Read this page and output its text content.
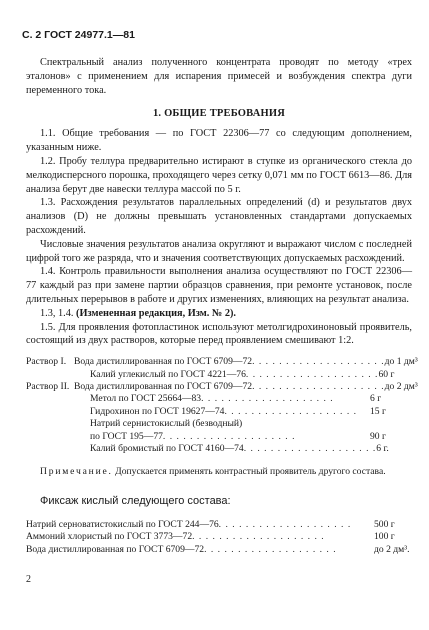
С. 2 ГОСТ 24977.1—81

Спектральный анализ полученного концентрата проводят по методу «трех эталонов» с применением для испарения примесей и возбуждения спектра дуги переменного тока.

1. ОБЩИЕ ТРЕБОВАНИЯ

1.1. Общие требования — по ГОСТ 22306—77 со следующим дополнением, указанным ниже.

1.2. Пробу теллура предварительно истирают в ступке из органического стекла до мелкодисперсного порошка, проходящего через сетку 0,071 мм по ГОСТ 6613—86. Для анализа берут две навески теллура массой по 5 г.

1.3. Расхождения результатов параллельных определений (d) и результатов двух анализов (D) не должны превышать установленных стандартами допускаемых расхождений.

Числовые значения результатов анализа округляют и выражают числом с последней цифрой того же разряда, что и значения соответствующих допускаемых расхождений.

1.4. Контроль правильности выполнения анализа осуществляют по ГОСТ 22306—77 каждый раз при замене партии образцов сравнения, при ремонте установок, после длительных перерывов в работе и других изменениях, влияющих на результат анализа.

1.3, 1.4. (Измененная редакция, Изм. № 2).

1.5. Для проявления фотопластинок используют метолгидрохиноновый проявитель, состоящий из двух растворов, которые перед проявлением смешивают 1:2.

Раствор I. Вода дистиллированная по ГОСТ 6709—72 . . . . . . . . . . . . . . . . . . . . до 1 дм³
Калий углекислый по ГОСТ 4221—76 . . . . . . . . . . . . . . . . . . . . 60 г
Раствор II. Вода дистиллированная по ГОСТ 6709—72 . . . . . . . . . . . . . . . . . . . . до 2 дм³
Метол по ГОСТ 25664—83 . . . . . . . . . . . . . . . . . . . .	6 г
Гидрохинон по ГОСТ 19627—74 . . . . . . . . . . . . . . . . . . . .	15 г
Натрий сернистокислый (безводный)
по ГОСТ 195—77 . . . . . . . . . . . . . . . . . . . .	90 г
Калий бромистый по ГОСТ 4160—74 . . . . . . . . . . . . . . . . . . . . 6 г.

Примечание. Допускается применять контрастный проявитель другого состава.

Фиксаж кислый следующего состава:

Натрий серноватистокислый по ГОСТ 244—76 . . . . . . . . . . . . . . . . . . . .	500 г
Аммоний хлористый по ГОСТ 3773—72 . . . . . . . . . . . . . . . . . . . .	100 г
Вода дистиллированная по ГОСТ 6709—72 . . . . . . . . . . . . . . . . . . . .	до 2 дм³.
2
